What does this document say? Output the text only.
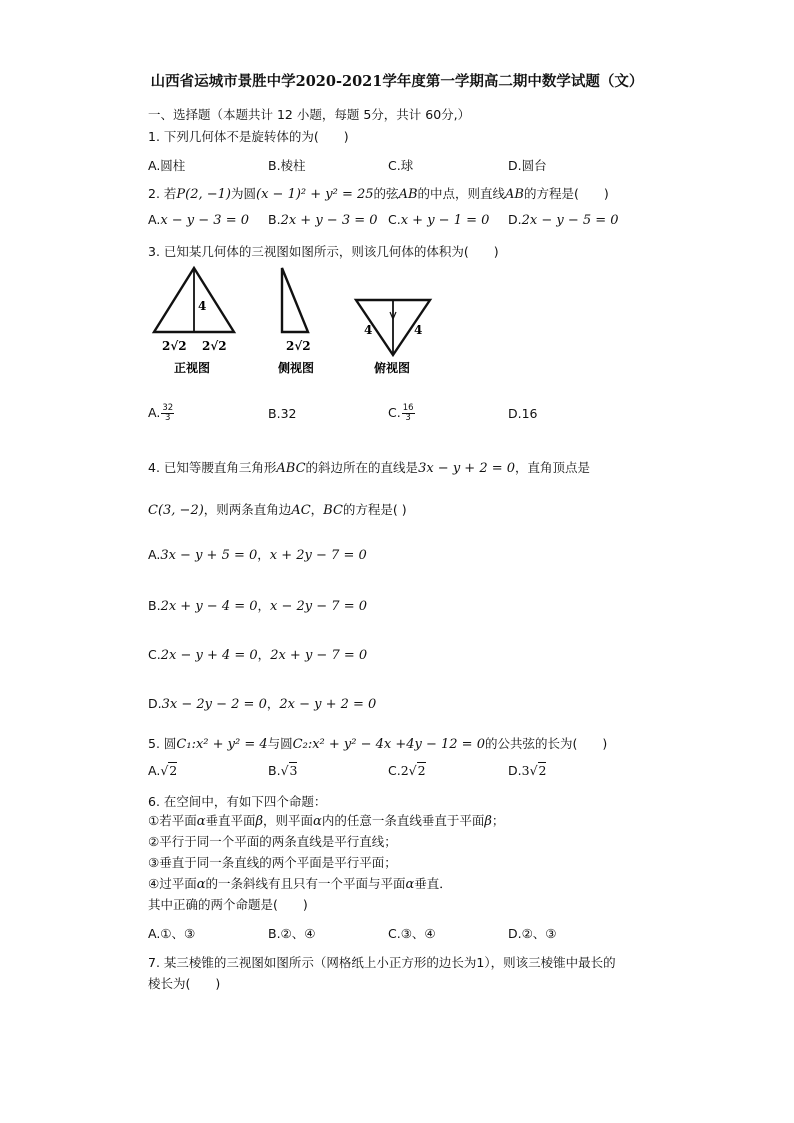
山西省运城市景胜中学2020-2021学年度第一学期高二期中数学试题（文）
一、选择题（本题共计 12 小题，每题 5分，共计 60分,）
1. 下列几何体不是旋转体的为(　　)
A.圆柱	B.棱柱	C.球	D.圆台
2. 若P(2, −1)为圆(x − 1)² + y² = 25的弦AB的中点，则直线AB的方程是(　　)
A.x − y − 3 = 0 B.2x + y − 3 = 0 C.x + y − 1 = 0 D.2x − y − 5 = 0
3. 已知某几何体的三视图如图所示，则该几何体的体积为(　　)
4
2√2 2√2
正视图
2√2
侧视图
4	4
俯视图
A. $\frac{32}{3}$	B.32	C. $\frac{16}{3}$	D.16
4. 已知等腰直角三角形ABC的斜边所在的直线是3x − y + 2 = 0，直角顶点是
C(3, −2)，则两条直角边AC，BC的方程是( )
A.3x − y + 5 = 0，x + 2y − 7 = 0
B.2x + y − 4 = 0，x − 2y − 7 = 0
C.2x − y + 4 = 0，2x + y − 7 = 0
D.3x − 2y − 2 = 0，2x − y + 2 = 0
5. 圆C₁:x² + y² = 4与圆C₂:x² + y² − 4x +4y − 12 = 0的公共弦的长为(　　)
A.√2	B.√3	C.2√2	D.3√2
6. 在空间中，有如下四个命题：
①若平面α垂直平面β，则平面α内的任意一条直线垂直于平面β；
②平行于同一个平面的两条直线是平行直线；
③垂直于同一条直线的两个平面是平行平面；
④过平面α的一条斜线有且只有一个平面与平面α垂直．
其中正确的两个命题是(　　)
A.①、③	B.②、④	C.③、④	D.②、③
7. 某三棱锥的三视图如图所示（网格纸上小正方形的边长为1），则该三棱锥中最长的
棱长为(　　)
